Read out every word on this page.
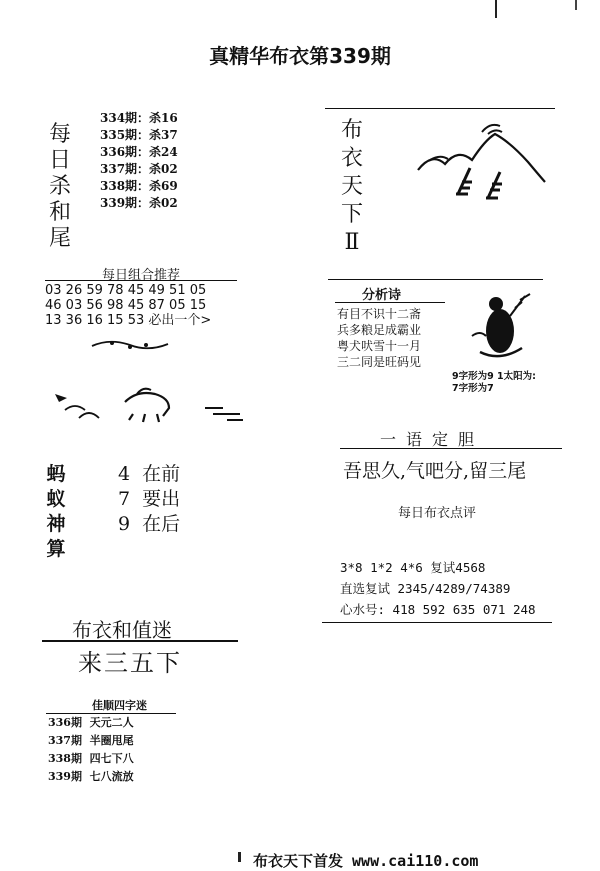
真精华布衣第339期
每
日
杀
和
尾
334期：杀16
335期：杀37
336期：杀24
337期：杀02
338期：杀69
339期：杀02
布
衣
天
下
Ⅱ
每日组合推荐
03 26 59 78 45 49 51 05
46 03 56 98 45 87 05 15
13 36 16 15 53 必出一个>
分析诗
有目不识十二斋
兵多粮足成霸业
粤犬吠雪十一月
三二同是旺码见
9字形为9 1太阳为:
7字形为7
蚂
蚁
神
算
4  在前
7  要出
9  在后
一语定胆
吾思久,气吧分,留三尾
每日布衣点评
3*8 1*2 4*6 复试4568
直选复试 2345/4289/74389
心水号: 418 592 635 071 248
布衣和值迷
来三五下
佳顺四字迷
336期  天元二人
337期  半圈甩尾
338期  四七下八
339期  七八流放
布衣天下首发 www.cai110.com
